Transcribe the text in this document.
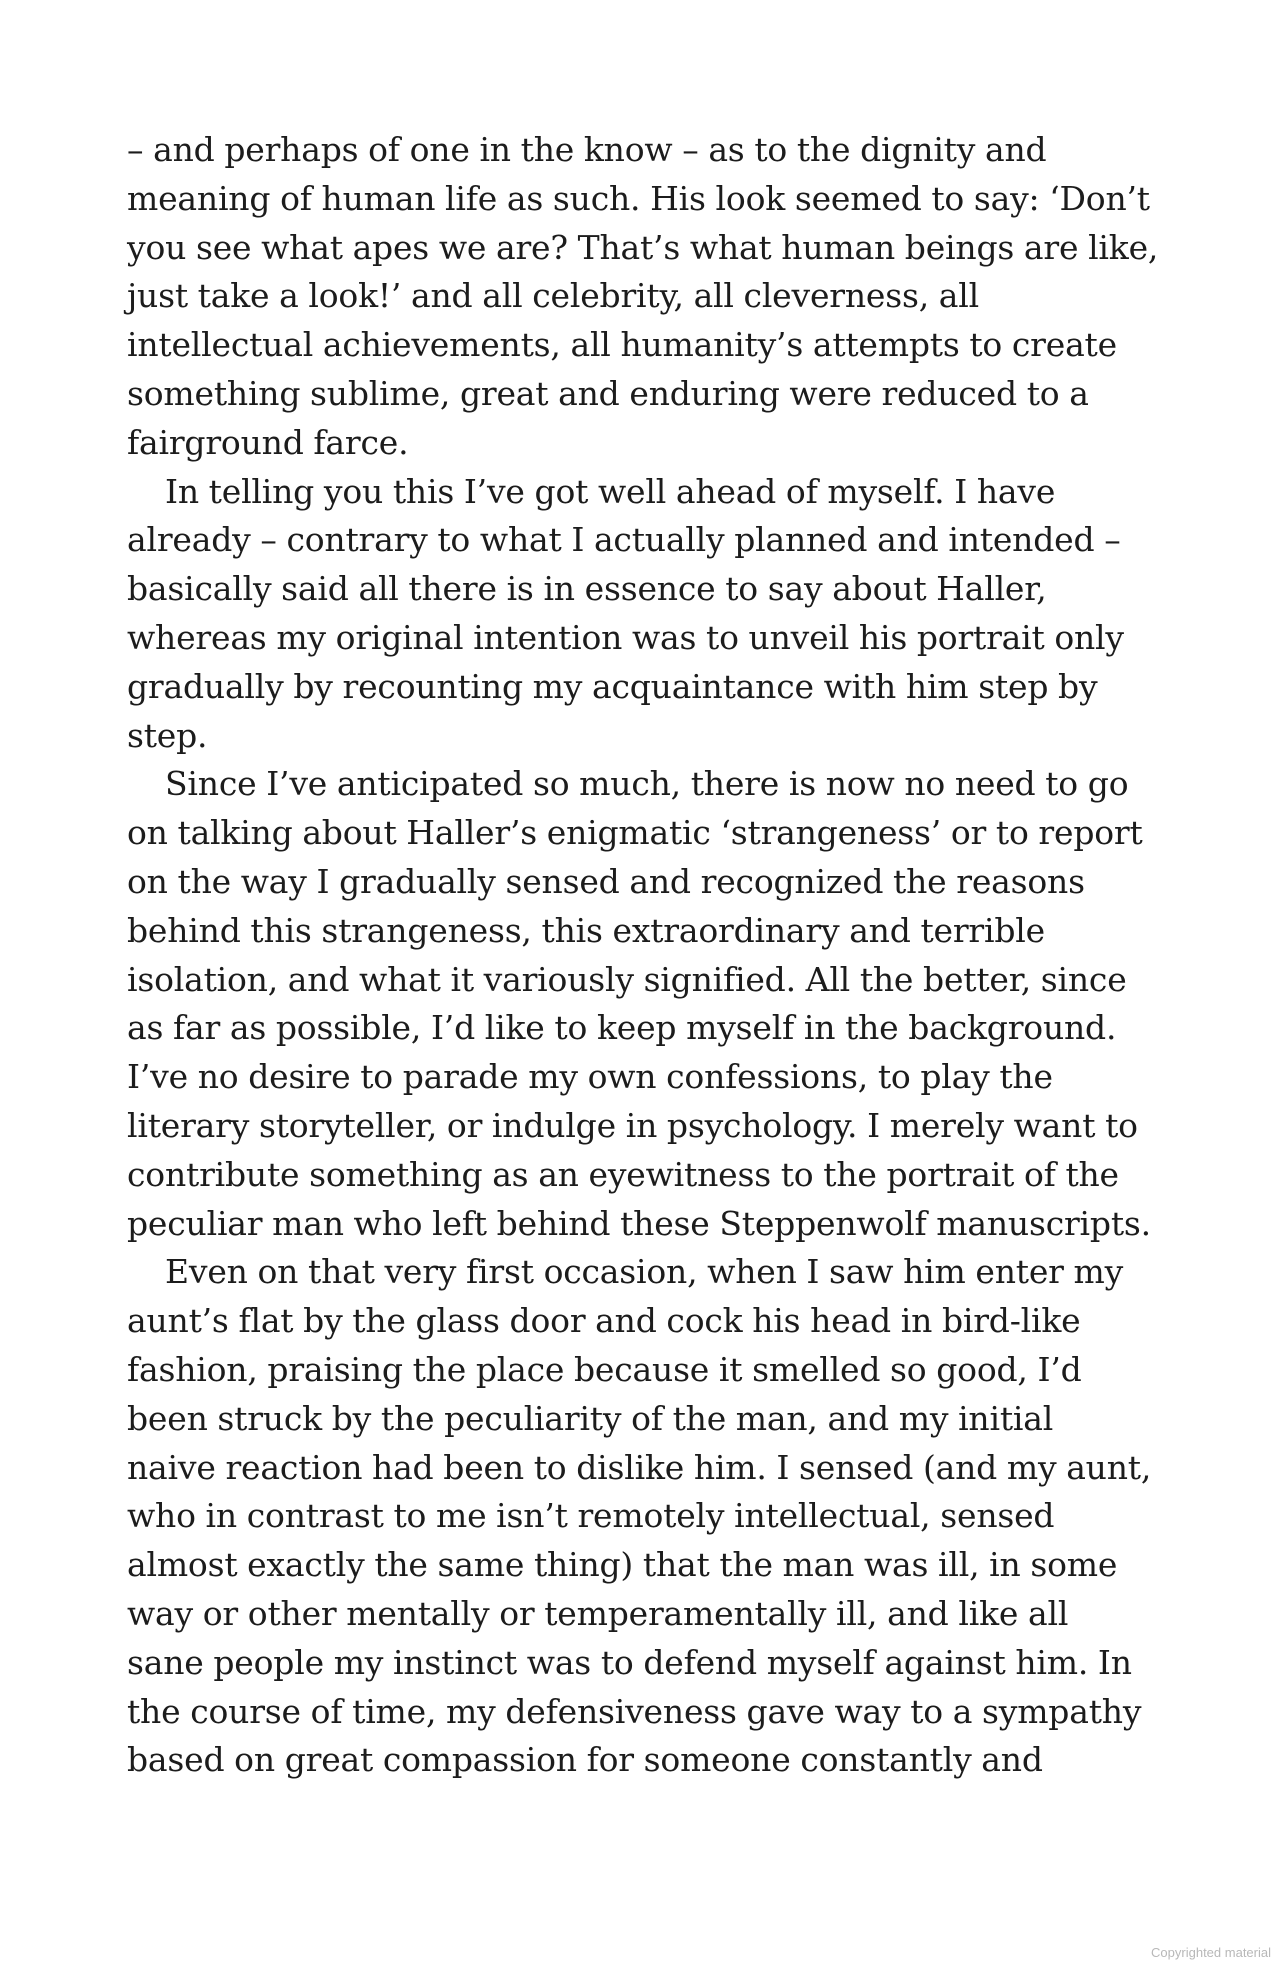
– and perhaps of one in the know – as to the dignity and
meaning of human life as such. His look seemed to say: ‘Don’t
you see what apes we are? That’s what human beings are like,
just take a look!’ and all celebrity, all cleverness, all
intellectual achievements, all humanity’s attempts to create
something sublime, great and enduring were reduced to a
fairground farce.
In telling you this I’ve got well ahead of myself. I have
already – contrary to what I actually planned and intended –
basically said all there is in essence to say about Haller,
whereas my original intention was to unveil his portrait only
gradually by recounting my acquaintance with him step by
step.
Since I’ve anticipated so much, there is now no need to go
on talking about Haller’s enigmatic ‘strangeness’ or to report
on the way I gradually sensed and recognized the reasons
behind this strangeness, this extraordinary and terrible
isolation, and what it variously signified. All the better, since
as far as possible, I’d like to keep myself in the background.
I’ve no desire to parade my own confessions, to play the
literary storyteller, or indulge in psychology. I merely want to
contribute something as an eyewitness to the portrait of the
peculiar man who left behind these Steppenwolf manuscripts.
Even on that very first occasion, when I saw him enter my
aunt’s flat by the glass door and cock his head in bird-like
fashion, praising the place because it smelled so good, I’d
been struck by the peculiarity of the man, and my initial
naive reaction had been to dislike him. I sensed (and my aunt,
who in contrast to me isn’t remotely intellectual, sensed
almost exactly the same thing) that the man was ill, in some
way or other mentally or temperamentally ill, and like all
sane people my instinct was to defend myself against him. In
the course of time, my defensiveness gave way to a sympathy
based on great compassion for someone constantly and
Copyrighted material
